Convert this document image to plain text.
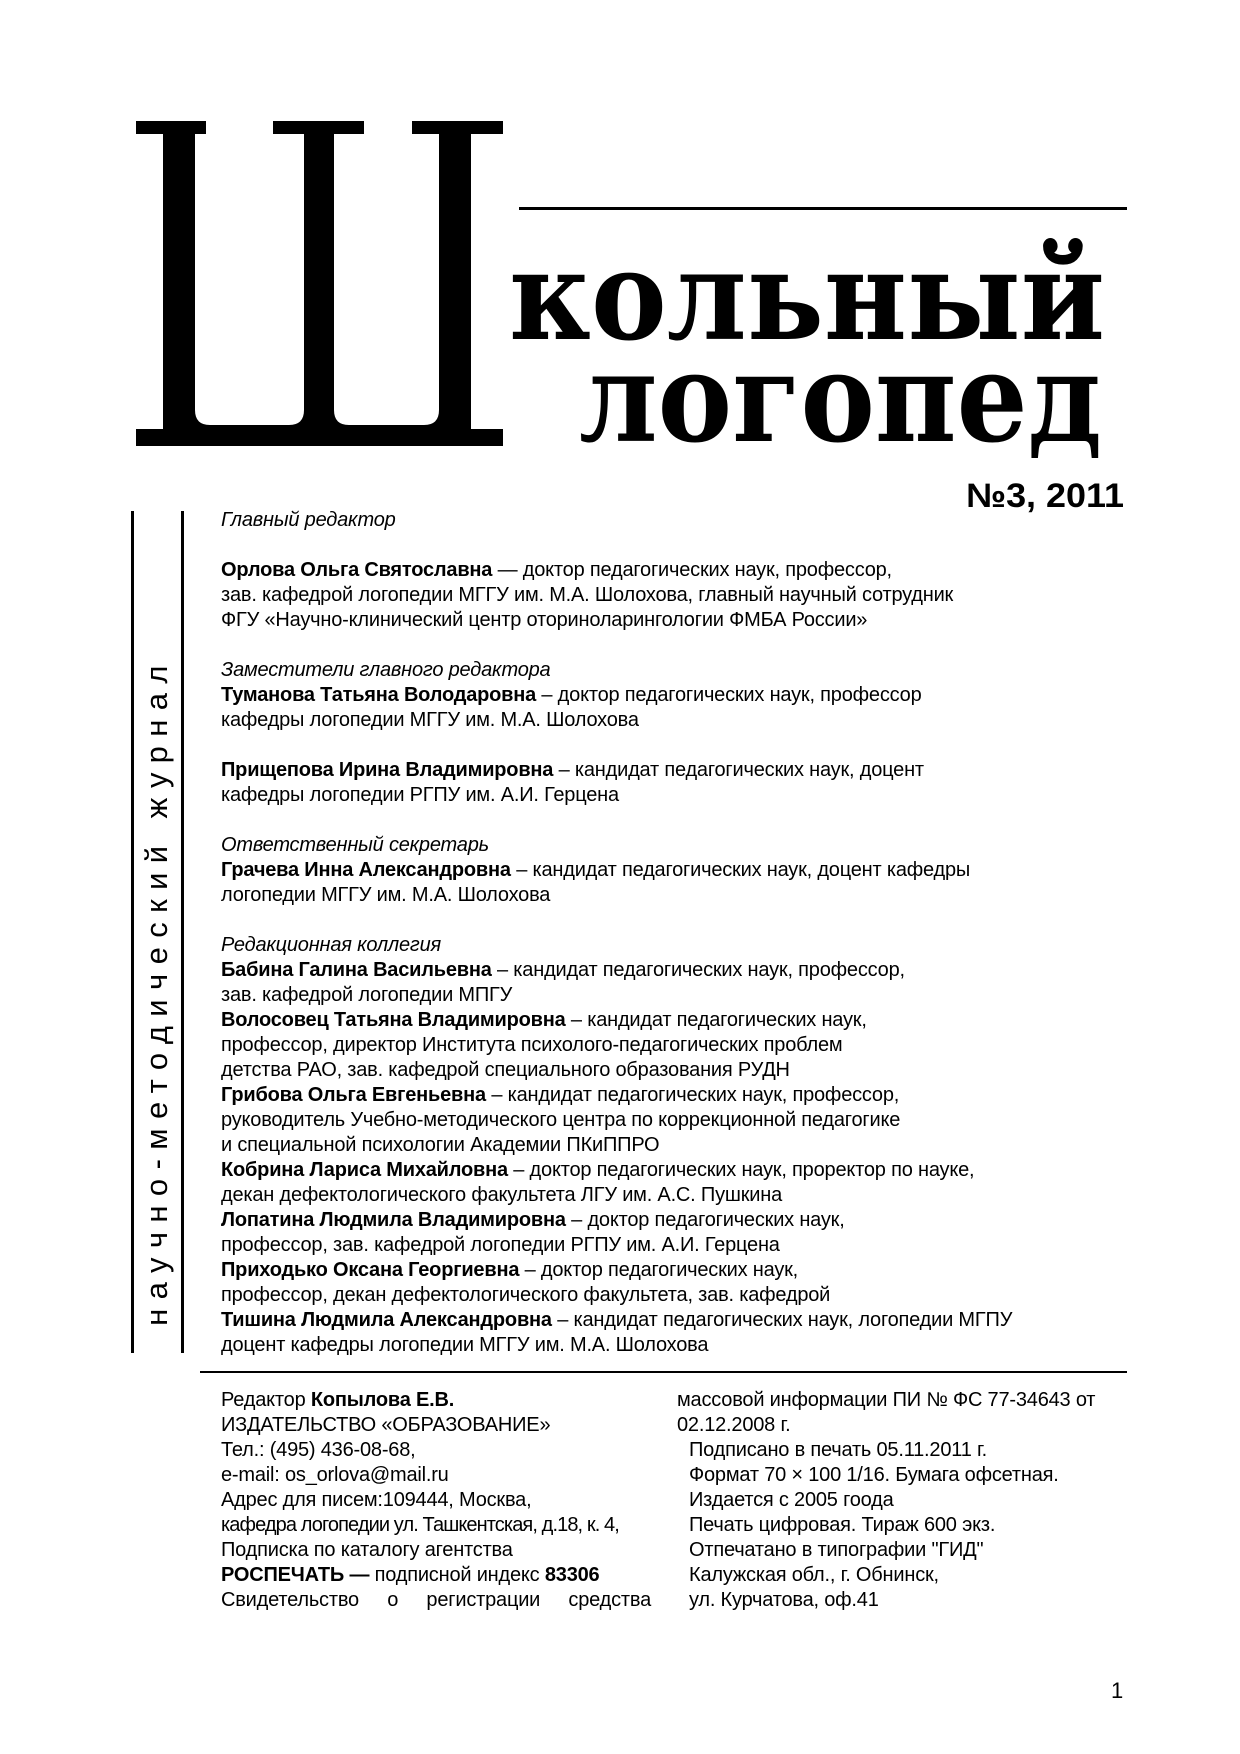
кольный
логопед
№3, 2011
научно-методический журнал
Главный редактор
Орлова Ольга Святославна — доктор педагогических наук, профессор,
зав. кафедрой логопедии МГГУ им. М.А. Шолохова, главный научный сотрудник
ФГУ «Научно-клинический центр оториноларингологии ФМБА России»
Заместители главного редактора
Туманова Татьяна Володаровна – доктор педагогических наук, профессор
кафедры логопедии МГГУ им. М.А. Шолохова
Прищепова Ирина Владимировна – кандидат педагогических наук, доцент
кафедры логопедии РГПУ им. А.И. Герцена
Ответственный секретарь
Грачева Инна Александровна – кандидат педагогических наук, доцент кафедры
логопедии МГГУ им. М.А. Шолохова
Редакционная коллегия
Бабина Галина Васильевна – кандидат педагогических наук, профессор,
зав. кафедрой логопедии МПГУ
Волосовец Татьяна Владимировна – кандидат педагогических наук,
профессор, директор Института психолого-педагогических проблем
детства РАО, зав. кафедрой специального образования РУДН
Грибова Ольга Евгеньевна – кандидат педагогических наук, профессор,
руководитель Учебно-методического центра по коррекционной педагогике
и специальной психологии Академии ПКиППРО
Кобрина Лариса Михайловна – доктор педагогических наук, проректор по науке,
декан дефектологического факультета ЛГУ им. А.С. Пушкина
Лопатина Людмила Владимировна – доктор педагогических наук,
профессор, зав. кафедрой логопедии РГПУ им. А.И. Герцена
Приходько Оксана Георгиевна – доктор педагогических наук,
профессор, декан дефектологического факультета, зав. кафедрой
Тишина Людмила Александровна – кандидат педагогических наук, логопедии МГПУ
доцент кафедры логопедии МГГУ им. М.А. Шолохова
Редактор Копылова Е.В.
ИЗДАТЕЛЬСТВО «ОБРАЗОВАНИЕ»
Тел.: (495) 436-08-68,
e-mail: os_orlova@mail.ru
Адрес для писем:109444, Москва,
кафедра логопедии ул. Ташкентская, д.18, к. 4,
Подписка по каталогу агентства
РОСПЕЧАТЬ — подписной индекс 83306
Свидетельство о регистрации средства
массовой информации ПИ № ФС 77-34643 от
02.12.2008 г.
Подписано в печать 05.11.2011 г.
Формат 70 × 100 1/16. Бумага офсетная.
Издается с 2005 гоода
Печать цифровая. Тираж 600 экз.
Отпечатано в типографии "ГИД"
Калужская обл., г. Обнинск,
ул. Курчатова, оф.41
1
